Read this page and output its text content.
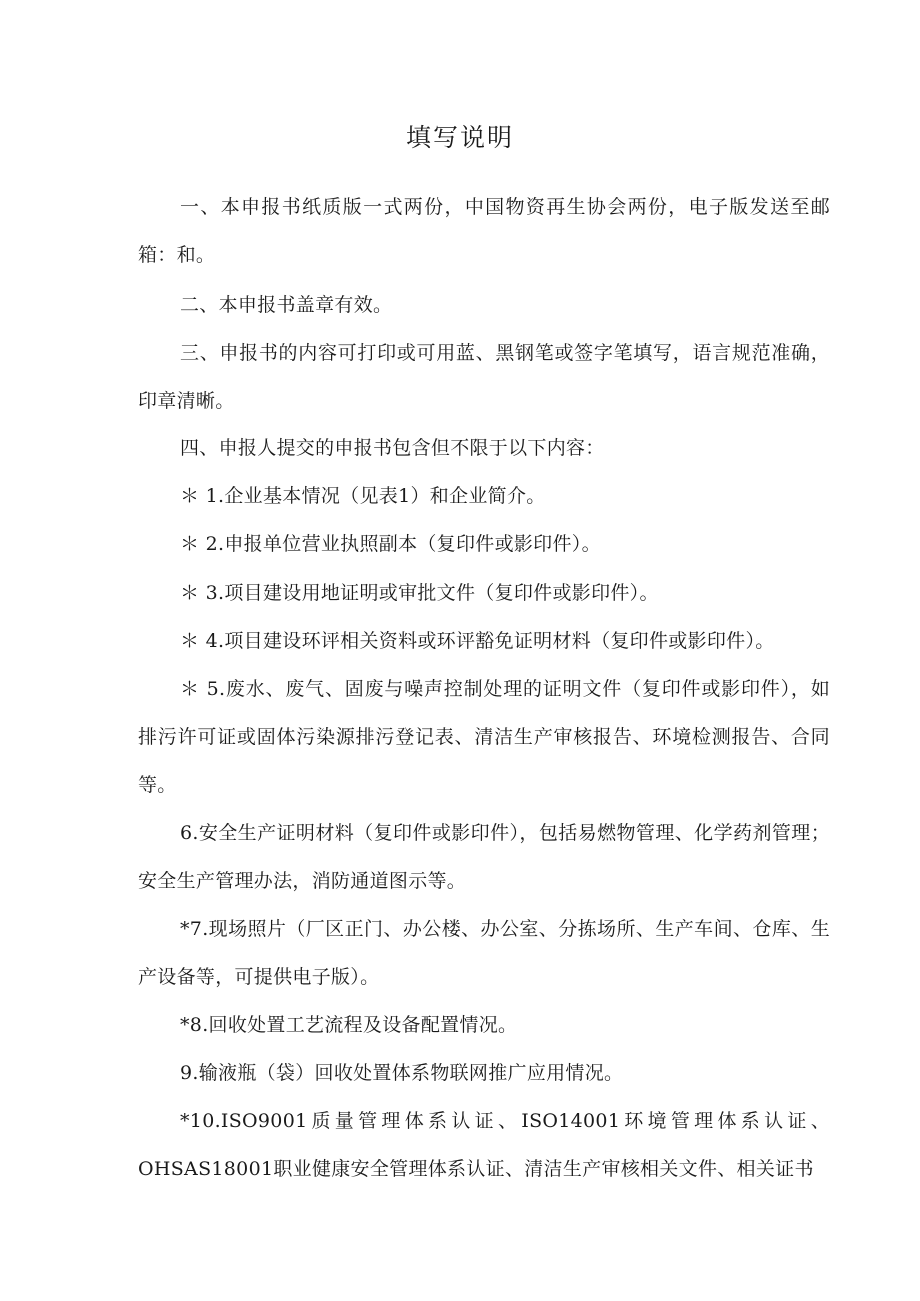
填写说明

一、本申报书纸质版一式两份，中国物资再生协会两份，电子版发送至邮箱：和。

二、本申报书盖章有效。

三、申报书的内容可打印或可用蓝、黑钢笔或签字笔填写，语言规范准确，印章清晰。

四、申报人提交的申报书包含但不限于以下内容：

＊ 1.企业基本情况（见表1）和企业简介。

＊ 2.申报单位营业执照副本（复印件或影印件）。

＊ 3.项目建设用地证明或审批文件（复印件或影印件）。

＊ 4.项目建设环评相关资料或环评豁免证明材料（复印件或影印件）。

＊ 5.废水、废气、固废与噪声控制处理的证明文件（复印件或影印件），如排污许可证或固体污染源排污登记表、清洁生产审核报告、环境检测报告、合同等。

6.安全生产证明材料（复印件或影印件），包括易燃物管理、化学药剂管理；安全生产管理办法，消防通道图示等。

*7.现场照片（厂区正门、办公楼、办公室、分拣场所、生产车间、仓库、生产设备等，可提供电子版）。

*8.回收处置工艺流程及设备配置情况。

9.输液瓶（袋）回收处置体系物联网推广应用情况。

*10.ISO9001质量管理体系认证、ISO14001环境管理体系认证、OHSAS18001职业健康安全管理体系认证、清洁生产审核相关文件、相关证书
